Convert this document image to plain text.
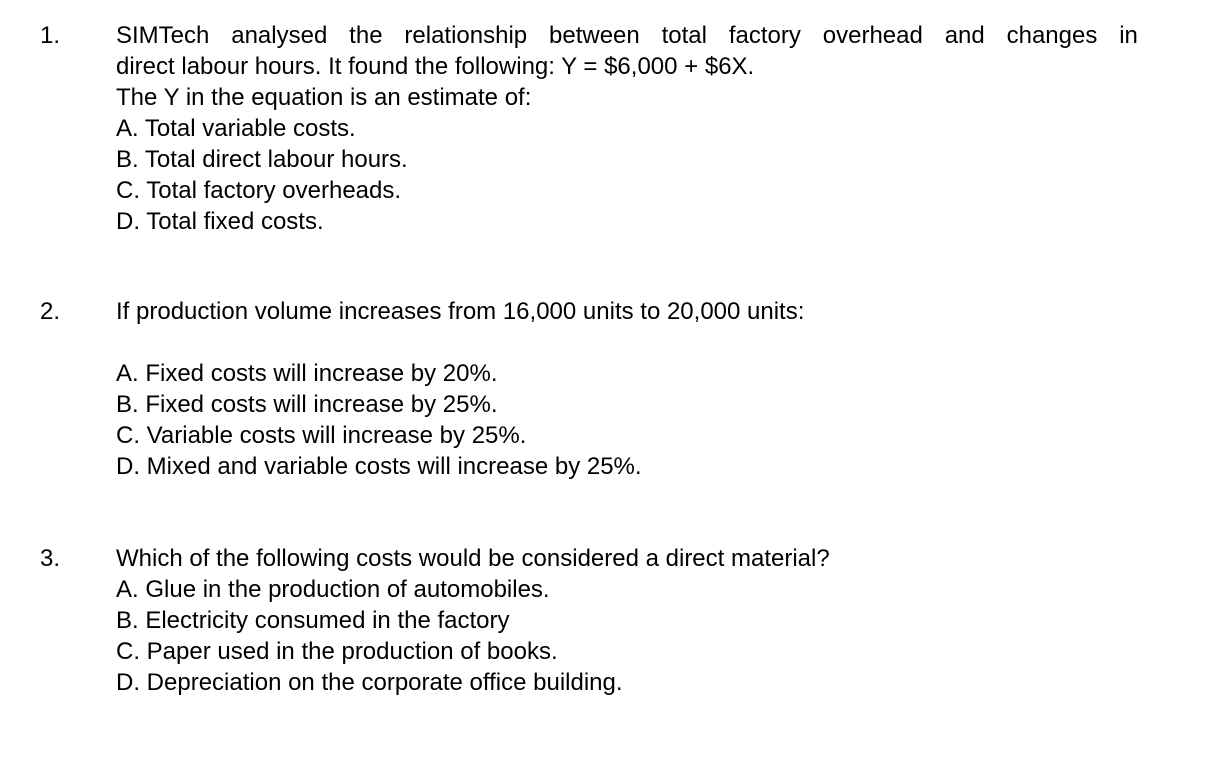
1. SIMTech analysed the relationship between total factory overhead and changes in
direct labour hours. It found the following: Y = $6,000 + $6X.
The Y in the equation is an estimate of:
A. Total variable costs.
B. Total direct labour hours.
C. Total factory overheads.
D. Total fixed costs.
2. If production volume increases from 16,000 units to 20,000 units:
A. Fixed costs will increase by 20%.
B. Fixed costs will increase by 25%.
C. Variable costs will increase by 25%.
D. Mixed and variable costs will increase by 25%.
3. Which of the following costs would be considered a direct material?
A. Glue in the production of automobiles.
B. Electricity consumed in the factory
C. Paper used in the production of books.
D. Depreciation on the corporate office building.
